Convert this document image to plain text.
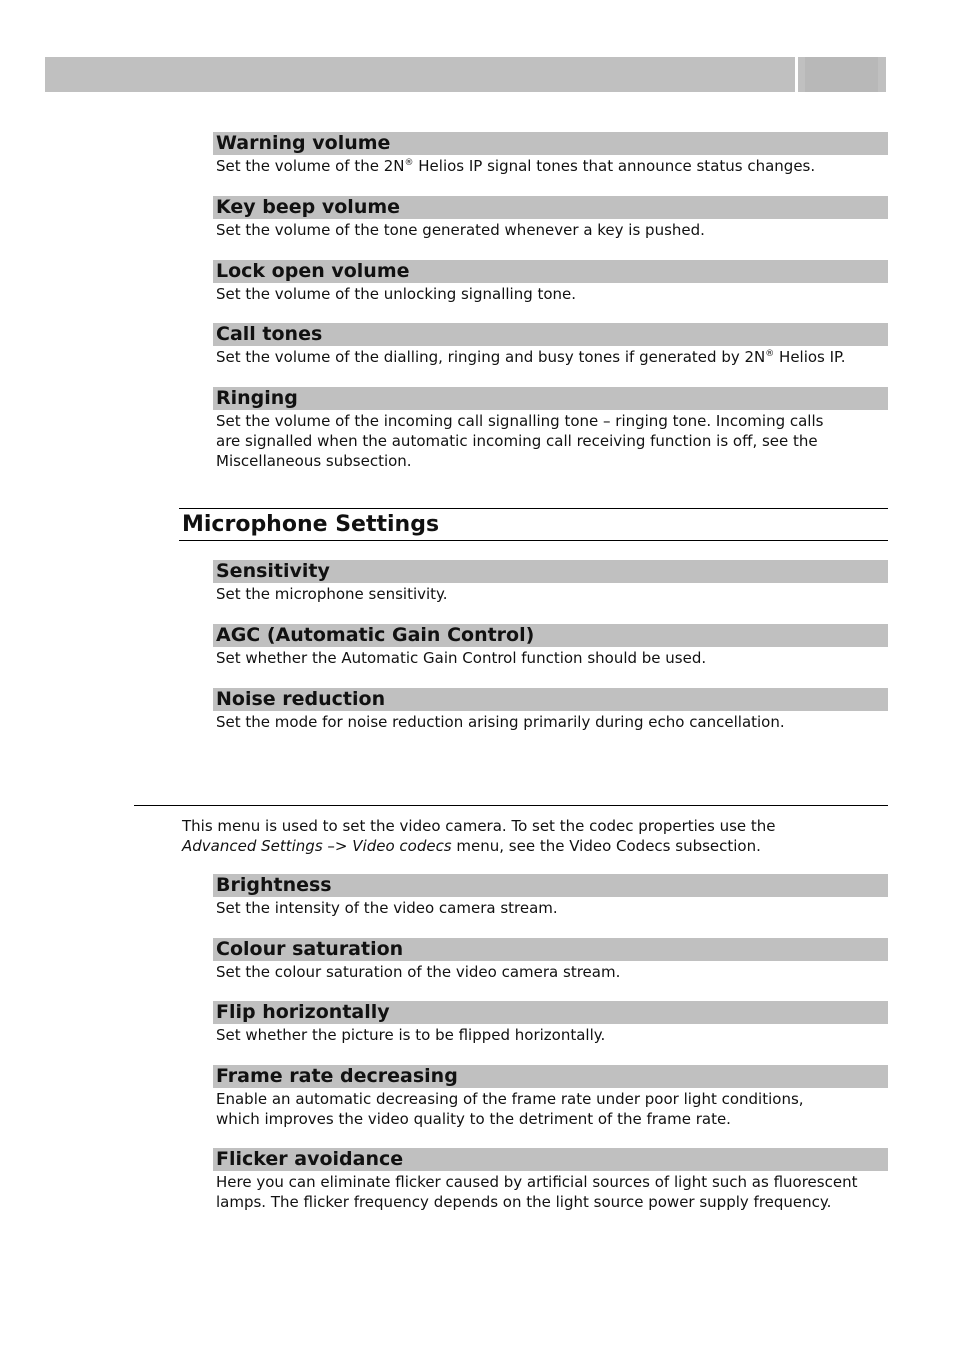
Warning volume
Set the volume of the 2N® Helios IP signal tones that announce status changes.
Key beep volume
Set the volume of the tone generated whenever a key is pushed.
Lock open volume
Set the volume of the unlocking signalling tone.
Call tones
Set the volume of the dialling, ringing and busy tones if generated by 2N® Helios IP.
Ringing
Set the volume of the incoming call signalling tone – ringing tone. Incoming calls
are signalled when the automatic incoming call receiving function is off, see the
Miscellaneous subsection.
Microphone Settings
Sensitivity
Set the microphone sensitivity.
AGC (Automatic Gain Control)
Set whether the Automatic Gain Control function should be used.
Noise reduction
Set the mode for noise reduction arising primarily during echo cancellation.
This menu is used to set the video camera. To set the codec properties use the
Advanced Settings –> Video codecs menu, see the Video Codecs subsection.
Brightness
Set the intensity of the video camera stream.
Colour saturation
Set the colour saturation of the video camera stream.
Flip horizontally
Set whether the picture is to be flipped horizontally.
Frame rate decreasing
Enable an automatic decreasing of the frame rate under poor light conditions,
which improves the video quality to the detriment of the frame rate.
Flicker avoidance
Here you can eliminate flicker caused by artificial sources of light such as fluorescent
lamps. The flicker frequency depends on the light source power supply frequency.
